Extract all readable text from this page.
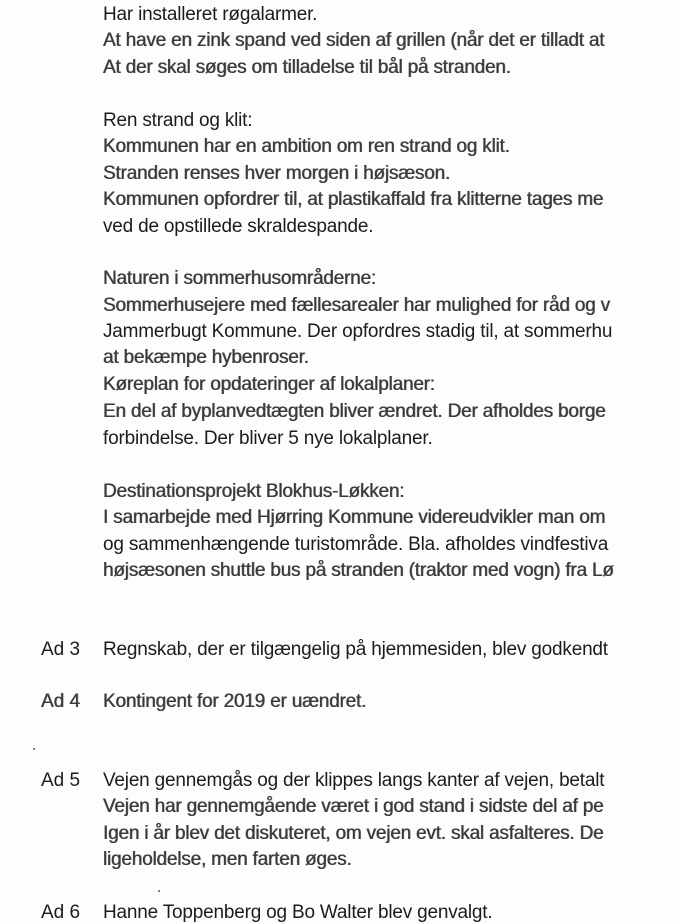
Har installeret røgalarmer.
At have en zink spand ved siden af grillen (når det er tilladt at
At der skal søges om tilladelse til bål på stranden.
Ren strand og klit:
Kommunen har en ambition om ren strand og klit.
Stranden renses hver morgen i højsæson.
Kommunen opfordrer til, at plastikaffald fra klitterne tages me
ved de opstillede skraldespande.
Naturen i sommerhusområderne:
Sommerhusejere med fællesarealer har mulighed for råd og v
Jammerbugt Kommune. Der opfordres stadig til, at sommerhu
at bekæmpe hybenroser.
Køreplan for opdateringer af lokalplaner:
En del af byplanvedtægten bliver ændret. Der afholdes borge
forbindelse. Der bliver 5 nye lokalplaner.
Destinationsprojekt Blokhus-Løkken:
I samarbejde med Hjørring Kommune videreudvikler man om
og sammenhængende turistområde. Bla. afholdes vindfestiva
højsæsonen shuttle bus på stranden (traktor med vogn) fra Lø
Ad 3 Regnskab, der er tilgængelig på hjemmesiden, blev godkendt
Ad 4 Kontingent for 2019 er uændret.
Ad 5 Vejen gennemgås og der klippes langs kanter af vejen, betalt
Vejen har gennemgående været i god stand i sidste del af pe
Igen i år blev det diskuteret, om vejen evt. skal asfalteres. De
ligeholdelse, men farten øges.
Ad 6 Hanne Toppenberg og Bo Walter blev genvalgt.
